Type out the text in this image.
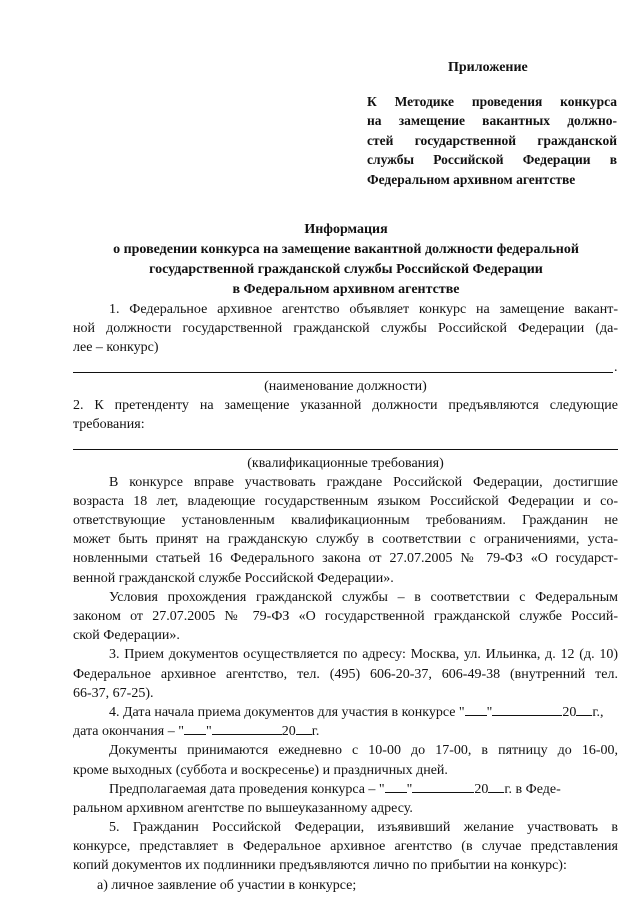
Приложение

К Методике проведения конкурса
на замещение вакантных должно-
стей государственной гражданской
службы Российской Федерации в
Федеральном архивном агентстве
Информация
о проведении конкурса на замещение вакантной должности федеральной
государственной гражданской службы Российской Федерации
в Федеральном архивном агентстве
1. Федеральное архивное агентство объявляет конкурс на замещение вакант-
ной должности государственной гражданской службы Российской Федерации (да-
лее – конкурс)
.
(наименование должности)
2. К претенденту на замещение указанной должности предъявляются следующие
требования:
(квалификационные требования)
В конкурсе вправе участвовать граждане Российской Федерации, достигшие
возраста 18 лет, владеющие государственным языком Российской Федерации и со-
ответствующие установленным квалификационным требованиям. Гражданин не
может быть принят на гражданскую службу в соответствии с ограничениями, уста-
новленными статьей 16 Федерального закона от 27.07.2005 № 79-ФЗ «О государст-
венной гражданской службе Российской Федерации».
Условия прохождения гражданской службы – в соответствии с Федеральным
законом от 27.07.2005 № 79-ФЗ «О государственной гражданской службе Россий-
ской Федерации».
3. Прием документов осуществляется по адресу: Москва, ул. Ильинка, д. 12 (д. 10)
Федеральное архивное агентство, тел. (495) 606-20-37, 606-49-38 (внутренний тел.
66-37, 67-25).
4. Дата начала приема документов для участия в конкурсе " "	20 г.,
дата окончания – " "	20 г.
Документы принимаются ежедневно с 10-00 до 17-00, в пятницу до 16-00,
кроме выходных (суббота и воскресенье) и праздничных дней.
Предполагаемая дата проведения конкурса – " "	20 г. в Феде-
ральном архивном агентстве по вышеуказанному адресу.
5. Гражданин Российской Федерации, изъявивший желание участвовать в
конкурсе, представляет в Федеральное архивное агентство (в случае представления
копий документов их подлинники предъявляются лично по прибытии на конкурс):
а) личное заявление об участии в конкурсе;
